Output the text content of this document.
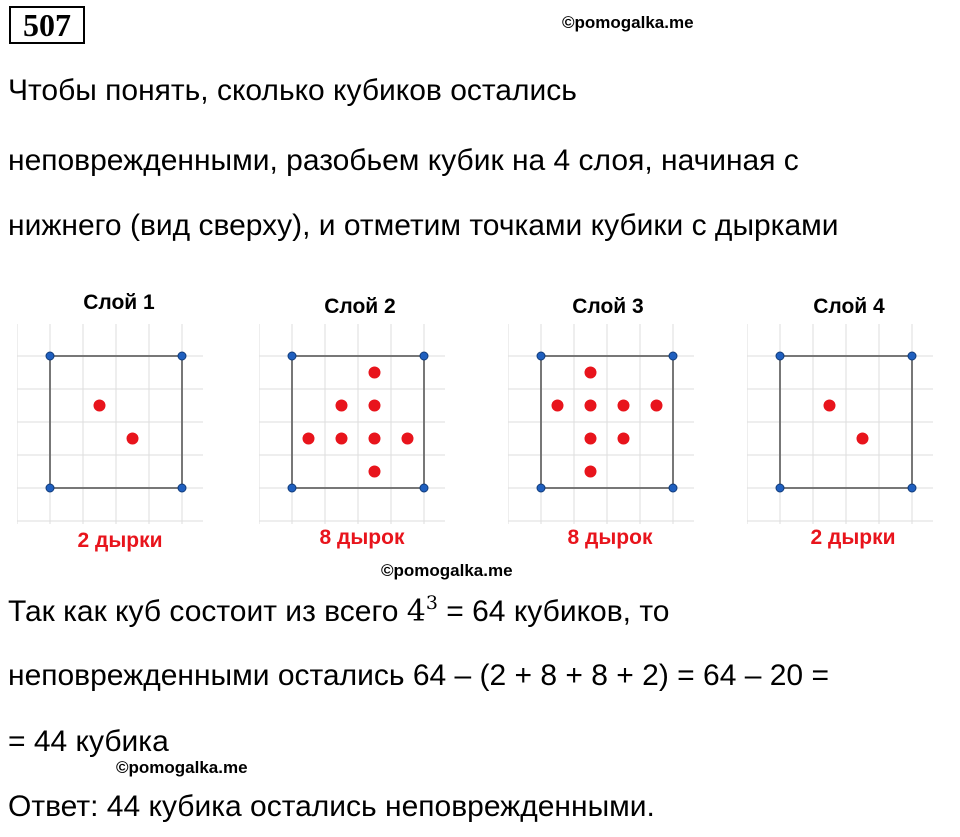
507	©pomogalka.me
Чтобы понять, сколько кубиков остались
неповрежденными, разобьем кубик на 4 слоя, начиная с
нижнего (вид сверху), и отметим точками кубики с дырками
Слой 1	Слой 2	Слой 3	Слой 4
2 дырки	8 дырок	8 дырок	2 дырки
©pomogalka.me
Так как куб состоит из всего $4^3 = 64$ кубиков, то
неповрежденными остались 64 – (2 + 8 + 8 + 2) = 64 – 20 =
= 44 кубика
©pomogalka.me
Ответ: 44 кубика остались неповрежденными.
